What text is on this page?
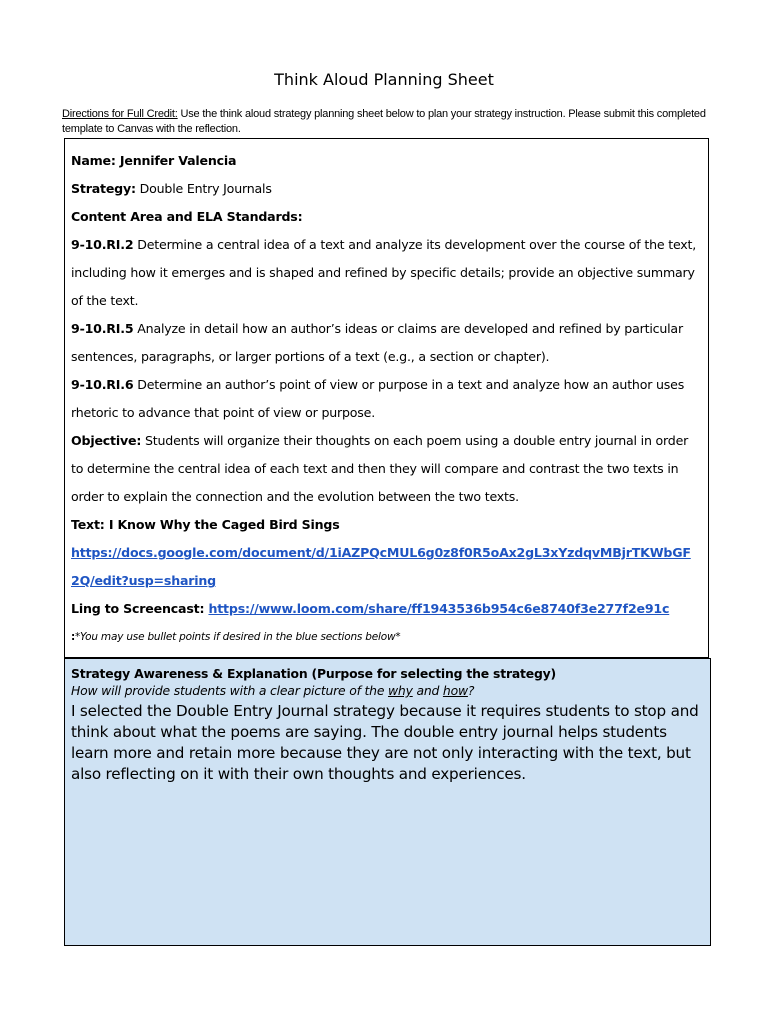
Think Aloud Planning Sheet
Directions for Full Credit: Use the think aloud strategy planning sheet below to plan your strategy instruction. Please submit this completed template to Canvas with the reflection.

Name: Jennifer Valencia

Strategy: Double Entry Journals

Content Area and ELA Standards:

9-10.RI.2 Determine a central idea of a text and analyze its development over the course of the text, including how it emerges and is shaped and refined by specific details; provide an objective summary of the text.

9-10.RI.5 Analyze in detail how an author’s ideas or claims are developed and refined by particular sentences, paragraphs, or larger portions of a text (e.g., a section or chapter).

9-10.RI.6 Determine an author’s point of view or purpose in a text and analyze how an author uses rhetoric to advance that point of view or purpose.

Objective: Students will organize their thoughts on each poem using a double entry journal in order to determine the central idea of each text and then they will compare and contrast the two texts in order to explain the connection and the evolution between the two texts.

Text: I Know Why the Caged Bird Sings

https://docs.google.com/document/d/1iAZPQcMUL6g0z8f0R5oAx2gL3xYzdqvMBjrTKWbGF2Q/edit?usp=sharing

Ling to Screencast: https://www.loom.com/share/ff1943536b954c6e8740f3e277f2e91c

:*You may use bullet points if desired in the blue sections below*

Strategy Awareness & Explanation (Purpose for selecting the strategy)
How will provide students with a clear picture of the why and how?
I selected the Double Entry Journal strategy because it requires students to stop and think about what the poems are saying. The double entry journal helps students learn more and retain more because they are not only interacting with the text, but also reflecting on it with their own thoughts and experiences.
